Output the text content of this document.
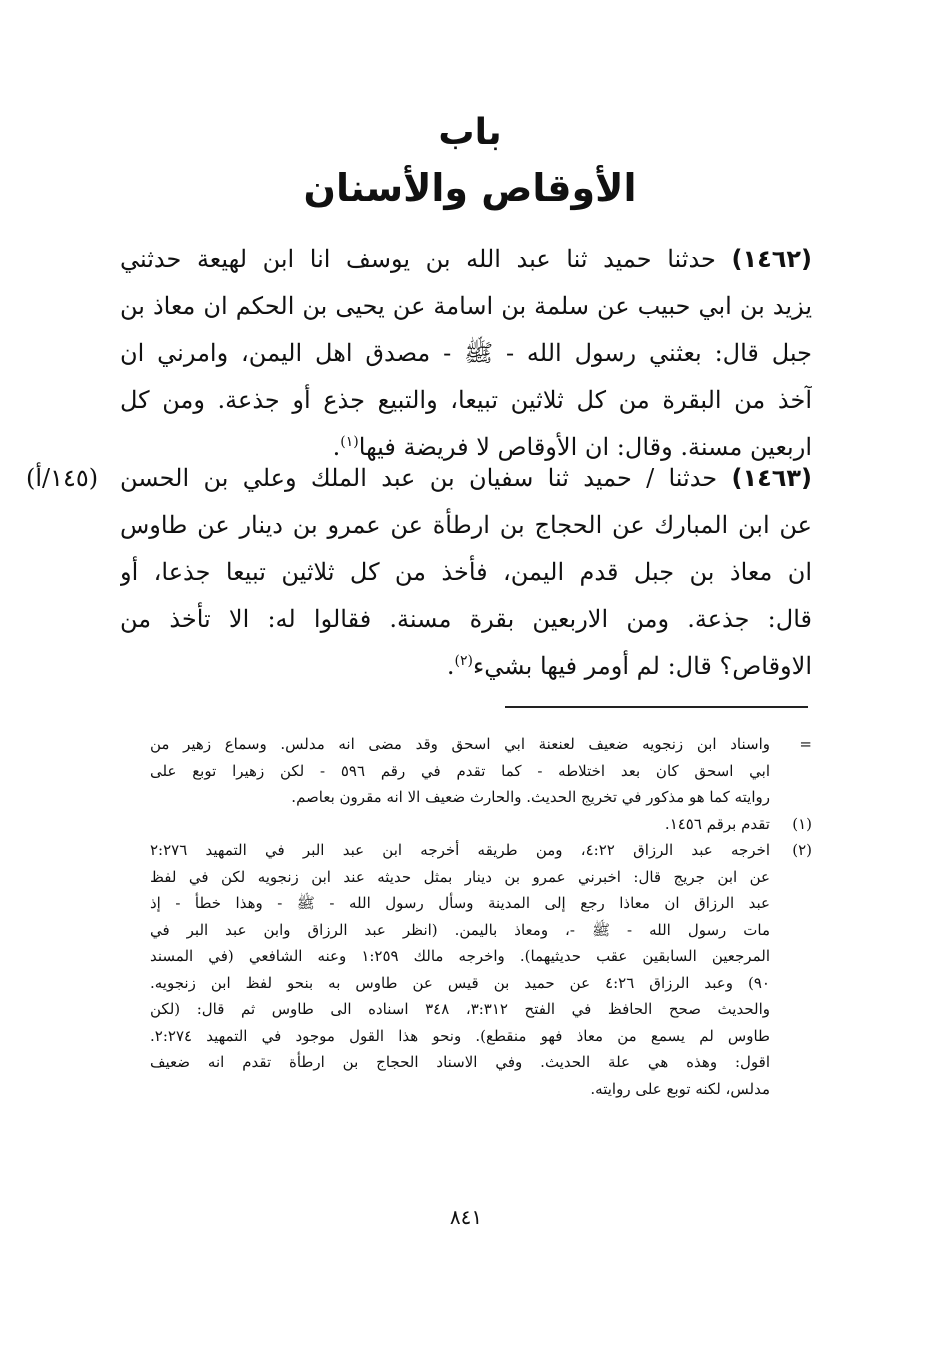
باب
الأوقاص والأسنان
(١٤٦٢) حدثنا حميد ثنا عبد الله بن يوسف انا ابن لهيعة حدثني
يزيد بن ابي حبيب عن سلمة بن اسامة عن يحيى بن الحكم ان معاذ بن
جبل قال: بعثني رسول الله - ﷺ - مصدق اهل اليمن، وامرني ان
آخذ من البقرة من كل ثلاثين تبيعا، والتبيع جذع أو جذعة. ومن كل
اربعين مسنة. وقال: ان الأوقاص لا فريضة فيها$^{(١)}$.
(١٤٦٣) حدثنا / حميد ثنا سفيان بن عبد الملك وعلي بن الحسن
عن ابن المبارك عن الحجاج بن ارطأة عن عمرو بن دينار عن طاوس
ان معاذ بن جبل قدم اليمن، فأخذ من كل ثلاثين تبيعا جذعا، أو
قال: جذعة. ومن الاربعين بقرة مسنة. فقالوا له: الا تأخذ من
الاوقاص؟ قال: لم أومر فيها بشيء$^{(٢)}$.
(١٤٥/أ)
=واسناد ابن زنجويه ضعيف لعنعنة ابي اسحق وقد مضى انه مدلس. وسماع زهير من
ابي اسحق كان بعد اختلاطه - كما تقدم في رقم ٥٩٦ - لكن زهيرا توبع على
روايته كما هو مذكور في تخريج الحديث. والحارث ضعيف الا انه مقرون بعاصم.
(١)تقدم برقم ١٤٥٦.
(٢)اخرجه عبد الرزاق ٤:٢٢، ومن طريقه أخرجه ابن عبد البر في التمهيد ٢:٢٧٦
عن ابن جريج قال: اخبرني عمرو بن دينار بمثل حديثه عند ابن زنجويه لكن في لفظ
عبد الرزاق ان معاذا رجع إلى المدينة وسأل رسول الله - ﷺ - وهذا خطأ - إذ
مات رسول الله - ﷺ -، ومعاذ باليمن. (انظر عبد الرزاق وابن عبد البر في
المرجعين السابقين عقب حديثيهما). واخرجه مالك ١:٢٥٩ وعنه الشافعي (في المسند
٩٠) وعبد الرزاق ٤:٢٦ عن حميد بن قيس عن طاوس به بنحو لفظ ابن زنجويه.
والحديث صحح الحافظ في الفتح ٣:٣١٢، ٣٤٨ اسناده الى طاوس ثم قال: (لكن
طاوس لم يسمع من معاذ فهو منقطع). ونحو هذا القول موجود في التمهيد ٢:٢٧٤.
اقول: وهذه هي علة الحديث. وفي الاسناد الحجاج بن ارطأة تقدم انه ضعيف
مدلس، لكنه توبع على روايته.
٨٤١
